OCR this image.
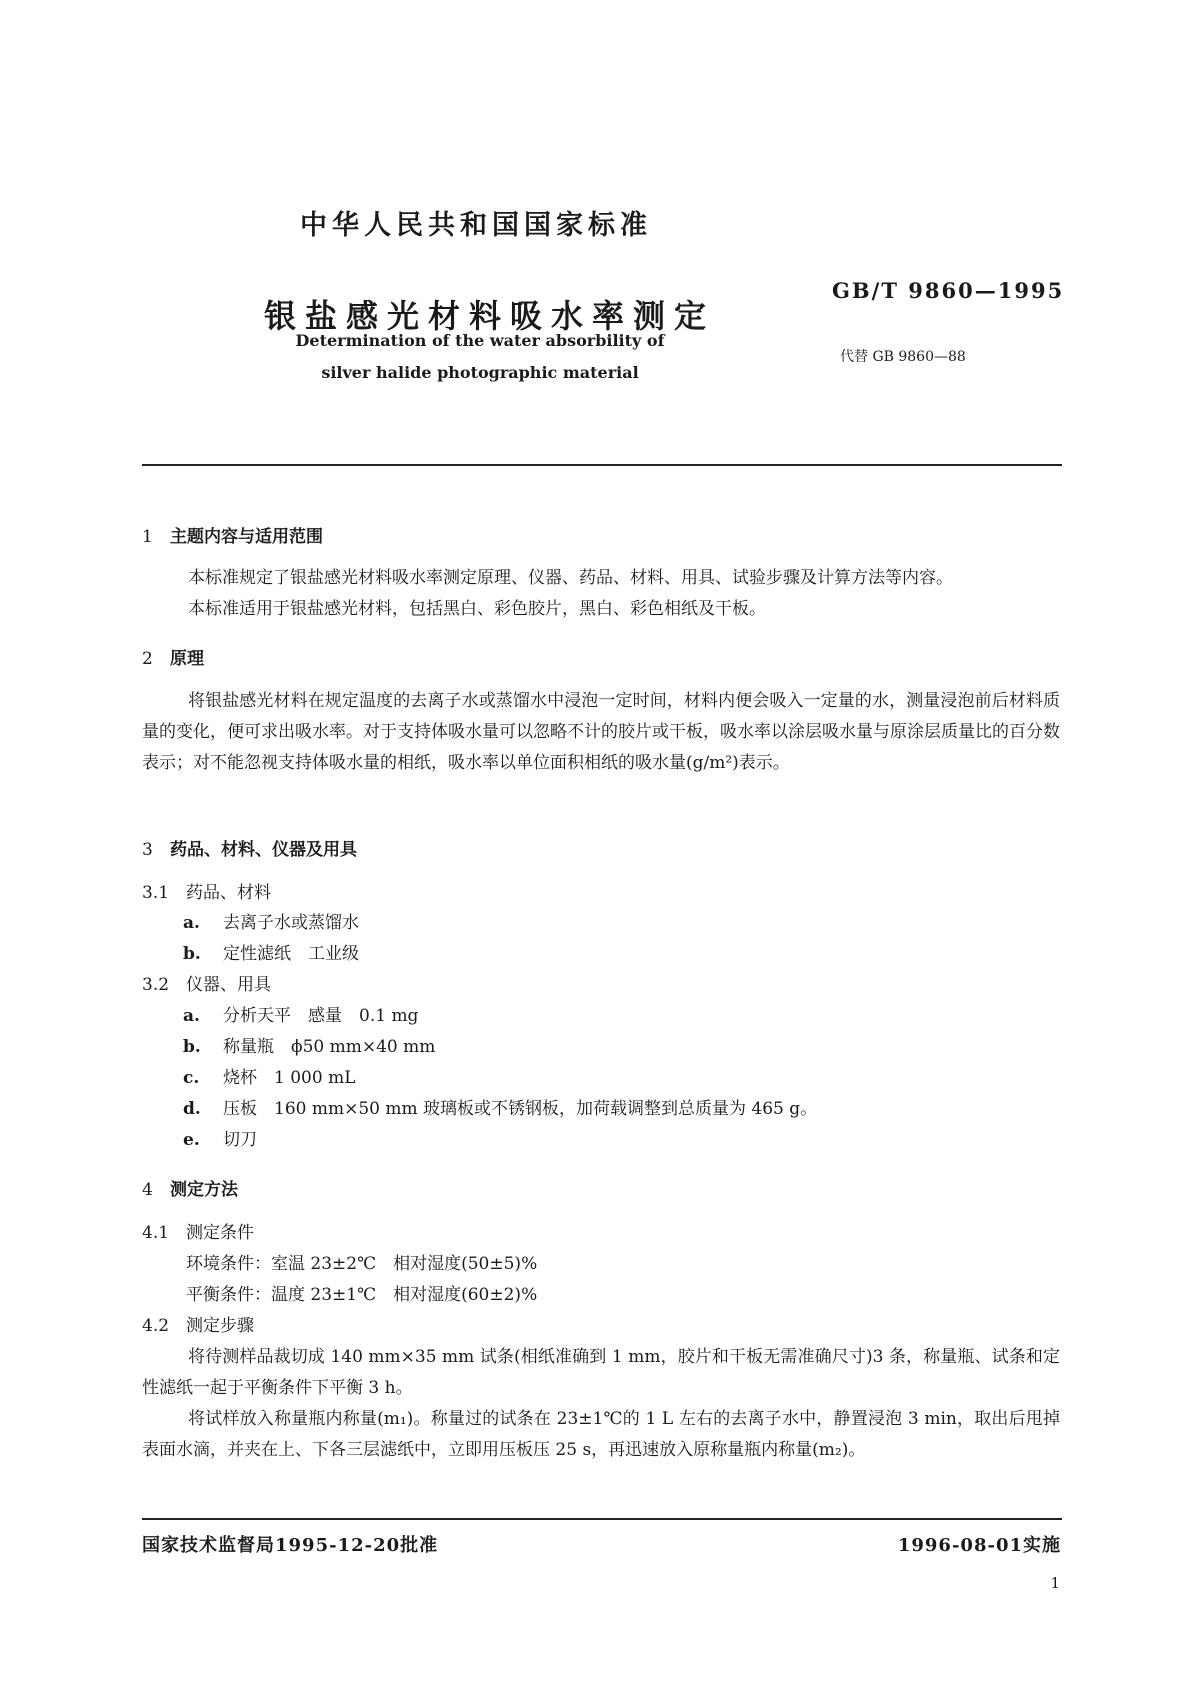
中华人民共和国国家标准
银盐感光材料吸水率测定
Determination of the water absorbility of
silver halide photographic material
GB/T 9860—1995
代替 GB 9860—88
1 主题内容与适用范围
本标准规定了银盐感光材料吸水率测定原理、仪器、药品、材料、用具、试验步骤及计算方法等内容。
本标准适用于银盐感光材料，包括黑白、彩色胶片，黑白、彩色相纸及干板。
2 原理
将银盐感光材料在规定温度的去离子水或蒸馏水中浸泡一定时间，材料内便会吸入一定量的水，测量浸泡前后材料质量的变化，便可求出吸水率。对于支持体吸水量可以忽略不计的胶片或干板，吸水率以涂层吸水量与原涂层质量比的百分数表示；对不能忽视支持体吸水量的相纸，吸水率以单位面积相纸的吸水量(g/m²)表示。
3 药品、材料、仪器及用具
3.1 药品、材料
a. 去离子水或蒸馏水
b. 定性滤纸　工业级
3.2 仪器、用具
a. 分析天平　感量　0.1 mg
b. 称量瓶　ϕ50 mm×40 mm
c. 烧杯　1 000 mL
d. 压板　160 mm×50 mm 玻璃板或不锈钢板，加荷载调整到总质量为 465 g。
e. 切刀
4 测定方法
4.1 测定条件
环境条件：室温 23±2℃　相对湿度(50±5)%
平衡条件：温度 23±1℃　相对湿度(60±2)%
4.2 测定步骤
将待测样品裁切成 140 mm×35 mm 试条(相纸准确到 1 mm，胶片和干板无需准确尺寸)3 条，称量瓶、试条和定性滤纸一起于平衡条件下平衡 3 h。
将试样放入称量瓶内称量(m₁)。称量过的试条在 23±1℃的 1 L 左右的去离子水中，静置浸泡 3 min，取出后甩掉表面水滴，并夹在上、下各三层滤纸中，立即用压板压 25 s，再迅速放入原称量瓶内称量(m₂)。
国家技术监督局1995-12-20批准	1996-08-01实施
1
